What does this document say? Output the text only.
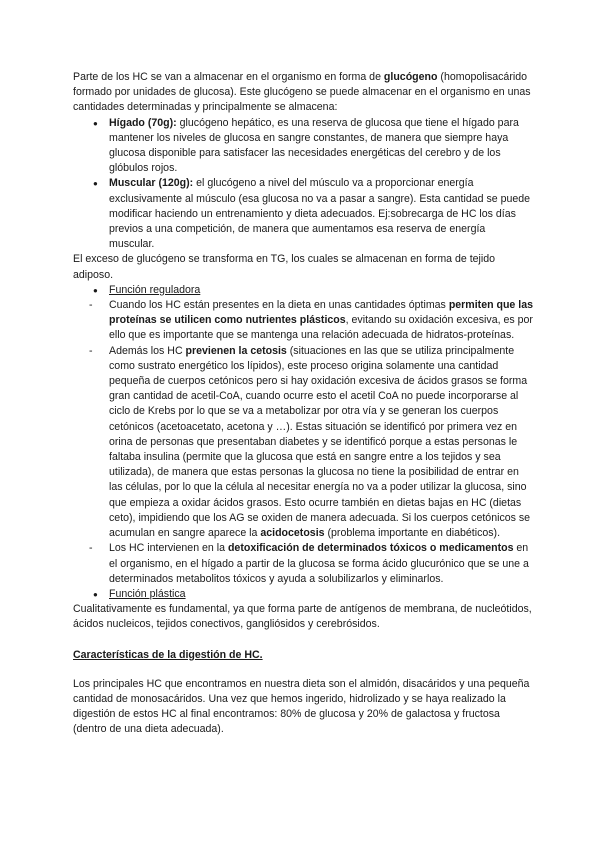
Parte de los HC se van a almacenar en el organismo en forma de glucógeno (homopolisacárido formado por unidades de glucosa). Este glucógeno se puede almacenar en el organismo en unas cantidades determinadas y principalmente se almacena:

● Hígado (70g): glucógeno hepático, es una reserva de glucosa que tiene el hígado para mantener los niveles de glucosa en sangre constantes, de manera que siempre haya glucosa disponible para satisfacer las necesidades energéticas del cerebro y de los glóbulos rojos.
● Muscular (120g): el glucógeno a nivel del músculo va a proporcionar energía exclusivamente al músculo (esa glucosa no va a pasar a sangre). Esta cantidad se puede modificar haciendo un entrenamiento y dieta adecuados. Ej:sobrecarga de HC los días previos a una competición, de manera que aumentamos esa reserva de energía muscular.

El exceso de glucógeno se transforma en TG, los cuales se almacenan en forma de tejido adiposo.

● Función reguladora
- Cuando los HC están presentes en la dieta en unas cantidades óptimas permiten que las proteínas se utilicen como nutrientes plásticos, evitando su oxidación excesiva, es por ello que es importante que se mantenga una relación adecuada de hidratos-proteínas.
- Además los HC previenen la cetosis (situaciones en las que se utiliza principalmente como sustrato energético los lípidos), este proceso origina solamente una cantidad pequeña de cuerpos cetónicos pero si hay oxidación excesiva de ácidos grasos se forma gran cantidad de acetil-CoA, cuando ocurre esto el acetil CoA no puede incorporarse al ciclo de Krebs por lo que se va a metabolizar por otra vía y se generan los cuerpos cetónicos (acetoacetato, acetona y …). Estas situación se identificó por primera vez en orina de personas que presentaban diabetes y se identificó porque a estas personas le faltaba insulina (permite que la glucosa que está en sangre entre a los tejidos y sea utilizada), de manera que estas personas la glucosa no tiene la posibilidad de entrar en las células, por lo que la célula al necesitar energía no va a poder utilizar la glucosa, sino que empieza a oxidar ácidos grasos. Esto ocurre también en dietas bajas en HC (dietas ceto), impidiendo que los AG se oxiden de manera adecuada. Si los cuerpos cetónicos se acumulan en sangre aparece la acidocetosis (problema importante en diabéticos).
- Los HC intervienen en la detoxificación de determinados tóxicos o medicamentos en el organismo, en el hígado a partir de la glucosa se forma ácido glucurónico que se une a determinados metabolitos tóxicos y ayuda a solubilizarlos y eliminarlos.
● Función plástica

Cualitativamente es fundamental, ya que forma parte de antígenos de membrana, de nucleótidos, ácidos nucleicos, tejidos conectivos, gangliósidos y cerebrósidos.

Características de la digestión de HC.

Los principales HC que encontramos en nuestra dieta son el almidón, disacáridos y una pequeña cantidad de monosacáridos. Una vez que hemos ingerido, hidrolizado y se haya realizado la digestión de estos HC al final encontramos: 80% de glucosa y 20% de galactosa y fructosa (dentro de una dieta adecuada).
